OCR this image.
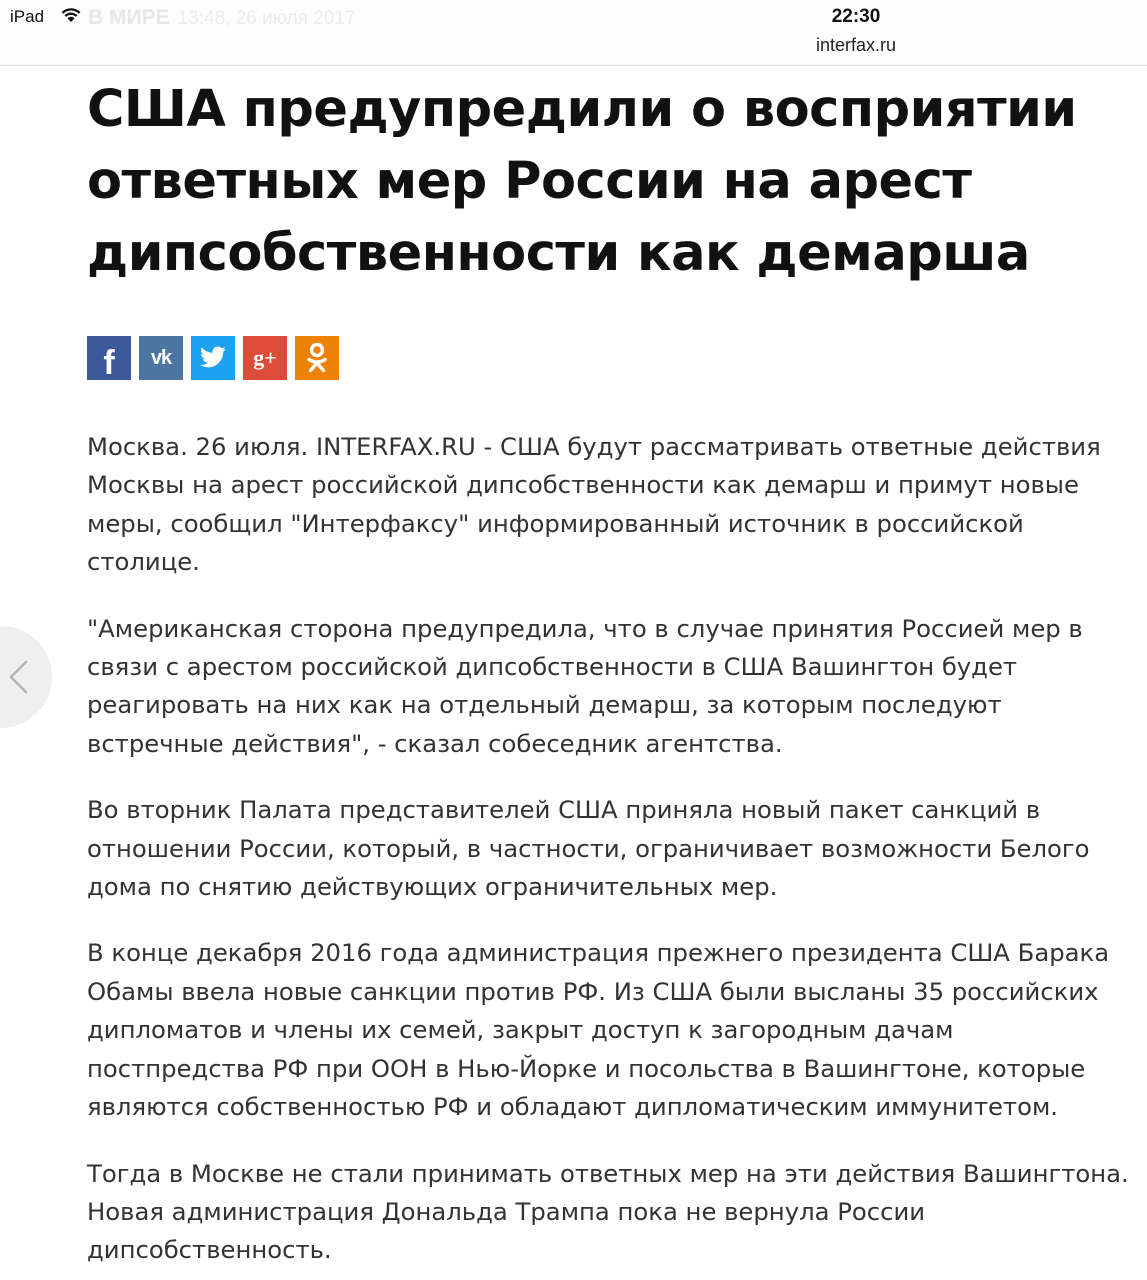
iPad В МИРЕ 13:48, 26 июля 2017	22:30
interfax.ru
США предупредили о восприятии ответных мер России на арест дипсобственности как демарша
f vk	g+

Москва. 26 июля. INTERFAX.RU - США будут рассматривать ответные действия Москвы на арест российской дипсобственности как демарш и примут новые меры, сообщил "Интерфаксу" информированный источник в российской столице.

"Американская сторона предупредила, что в случае принятия Россией мер в связи с арестом российской дипсобственности в США Вашингтон будет реагировать на них как на отдельный демарш, за которым последуют встречные действия", - сказал собеседник агентства.

Во вторник Палата представителей США приняла новый пакет санкций в отношении России, который, в частности, ограничивает возможности Белого дома по снятию действующих ограничительных мер.

В конце декабря 2016 года администрация прежнего президента США Барака Обамы ввела новые санкции против РФ. Из США были высланы 35 российских дипломатов и члены их семей, закрыт доступ к загородным дачам постпредства РФ при ООН в Нью-Йорке и посольства в Вашингтоне, которые являются собственностью РФ и обладают дипломатическим иммунитетом.

Тогда в Москве не стали принимать ответных мер на эти действия Вашингтона. Новая администрация Дональда Трампа пока не вернула России дипсобственность.
